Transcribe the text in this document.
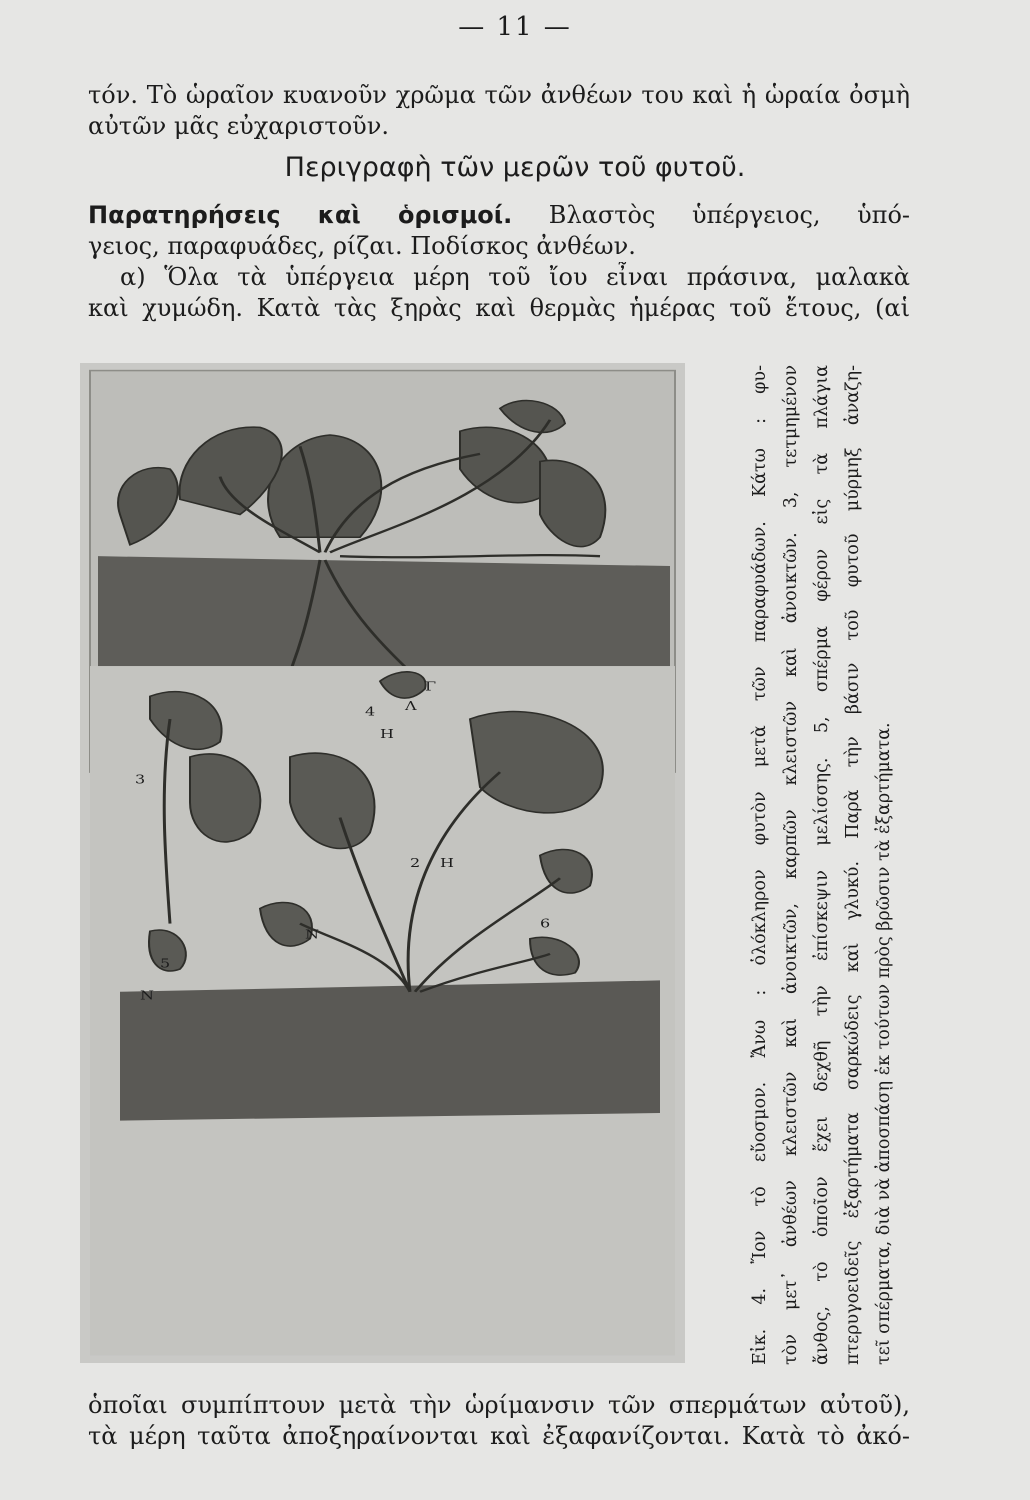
— 11 —
τόν. Τὸ ὡραῖον κυανοῦν χρῶμα τῶν ἀνθέων του καὶ ἡ ὡραία ὀσμὴ
αὐτῶν μᾶς εὐχαριστοῦν.
Περιγραφὴ τῶν μερῶν τοῦ φυτοῦ.
Παρατηρήσεις καὶ ὁρισμοί. Βλαστὸς ὑπέργειος, ὑπό-
γειος, παραφυάδες, ρίζαι. Ποδίσκος ἀνθέων.
α) Ὅλα τὰ ὑπέργεια μέρη τοῦ ἴου εἶναι πράσινα, μαλακὰ
καὶ χυμώδη. Κατὰ τὰς ξηρὰς καὶ θερμὰς ἡμέρας τοῦ ἔτους, (αἱ
Γ
Λ
4
Η
3
2 Η
Ν
5
6
Ν	Εἰκ. 4. Ἴον τὸ εὔοσμον. Ἄνω : ὁλόκληρον φυτὸν μετὰ τῶν παραφυάδων. Κάτω : φυ- τὸν μετ᾽ ἀνθέων κλειστῶν καὶ ἀνοικτῶν, καρπῶν κλειστῶν καὶ ἀνοικτῶν. 3, τετμημένον ἄνθος, τὸ ὁποῖον ἔχει δεχθῆ τὴν ἐπίσκεψιν μελίσσης. 5, σπέρμα φέρον εἰς τὰ πλάγια πτερυγοειδεῖς ἐξαρτήματα σαρκώδεις καὶ γλυκύ. Παρὰ τὴν βάσιν τοῦ φυτοῦ μύρμηξ ἀναζη- τεῖ σπέρματα, διὰ νὰ ἀποσπάσῃ ἐκ τούτων πρὸς βρῶσιν τὰ ἐξαρτήματα.
ὁποῖαι συμπίπτουν μετὰ τὴν ὡρίμανσιν τῶν σπερμάτων αὐτοῦ),
τὰ μέρη ταῦτα ἀποξηραίνονται καὶ ἐξαφανίζονται. Κατὰ τὸ ἀκό-
